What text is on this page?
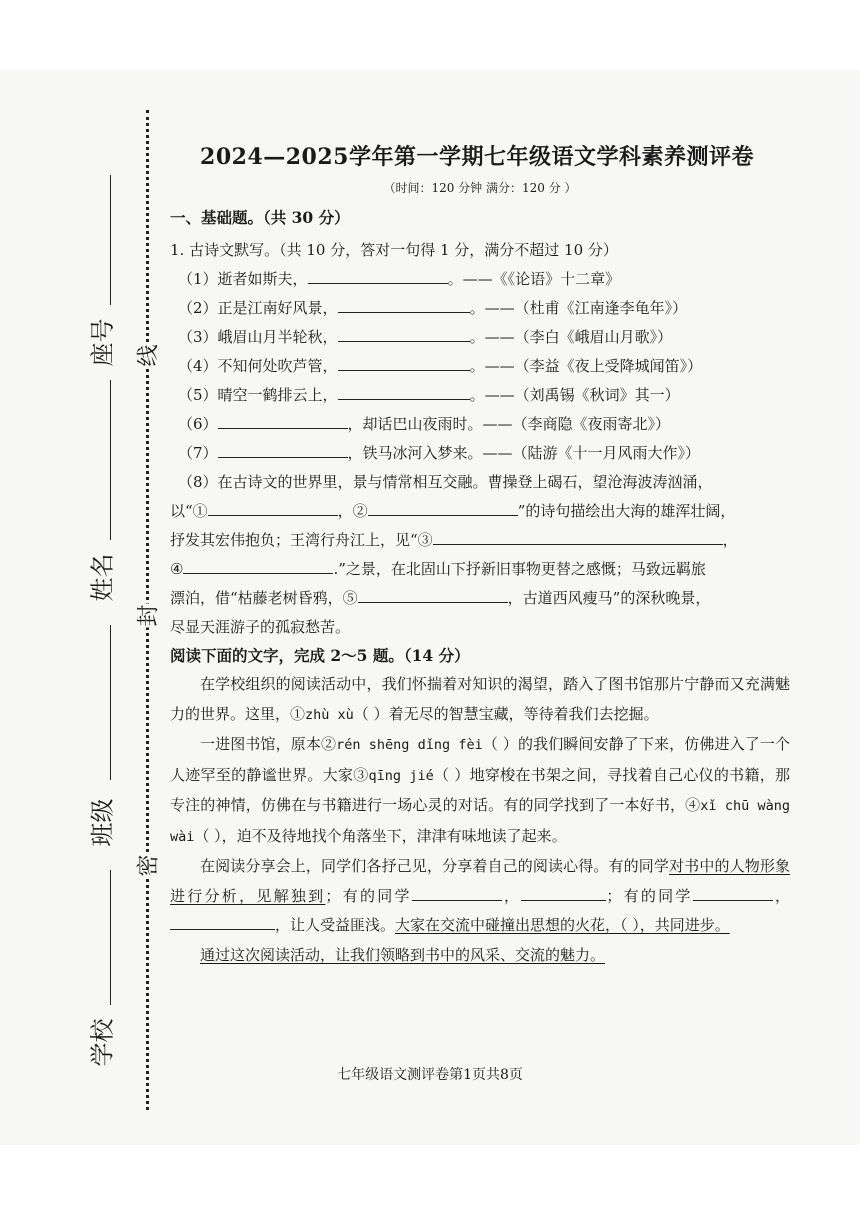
线
封
密
座号
姓名
班级
学校
2024—2025学年第一学期七年级语文学科素养测评卷
（时间：120 分钟 满分：120 分 ）
一、基础题。（共 30 分）
1. 古诗文默写。（共 10 分，答对一句得 1 分，满分不超过 10 分）
（1）逝者如斯夫，	。——《《论语》十二章》
（2）正是江南好风景，	。——（杜甫《江南逢李龟年》）
（3）峨眉山月半轮秋，	。——（李白《峨眉山月歌》）
（4）不知何处吹芦管，	。——（李益《夜上受降城闻笛》）
（5）晴空一鹤排云上，	。——（刘禹锡《秋词》其一）
（6）	，却话巴山夜雨时。——（李商隐《夜雨寄北》）
（7）	，铁马冰河入梦来。——（陆游《十一月风雨大作》）
（8）在古诗文的世界里，景与情常相互交融。曹操登上碣石，望沧海波涛汹涌，
以“①	，②	”的诗句描绘出大海的雄浑壮阔，
抒发其宏伟抱负；王湾行舟江上，见“③	，
④	.”之景，在北固山下抒新旧事物更替之感慨；马致远羁旅
漂泊，借“枯藤老树昏鸦，⑤	，古道西风瘦马”的深秋晚景，
尽显天涯游子的孤寂愁苦。
阅读下面的文字，完成 2～5 题。（14 分）
在学校组织的阅读活动中，我们怀揣着对知识的渴望，踏入了图书馆那片宁静而又充满魅力的世界。这里，①zhù xù（ ）着无尽的智慧宝藏，等待着我们去挖掘。
一进图书馆，原本②rén shēng dǐng fèi（ ）的我们瞬间安静了下来，仿佛进入了一个人迹罕至的静谧世界。大家③qīng jié（ ）地穿梭在书架之间，寻找着自己心仪的书籍，那专注的神情，仿佛在与书籍进行一场心灵的对话。有的同学找到了一本好书，④xǐ chū wàng wài（ ），迫不及待地找个角落坐下，津津有味地读了起来。
在阅读分享会上，同学们各抒己见，分享着自己的阅读心得。有的同学对书中的人物形象进行分析，见解独到；有的同学	，	；有的同学	，，让人受益匪浅。大家在交流中碰撞出思想的火花，（ ），共同进步。
通过这次阅读活动，让我们领略到书中的风采、交流的魅力。
七年级语文测评卷第1页共8页
